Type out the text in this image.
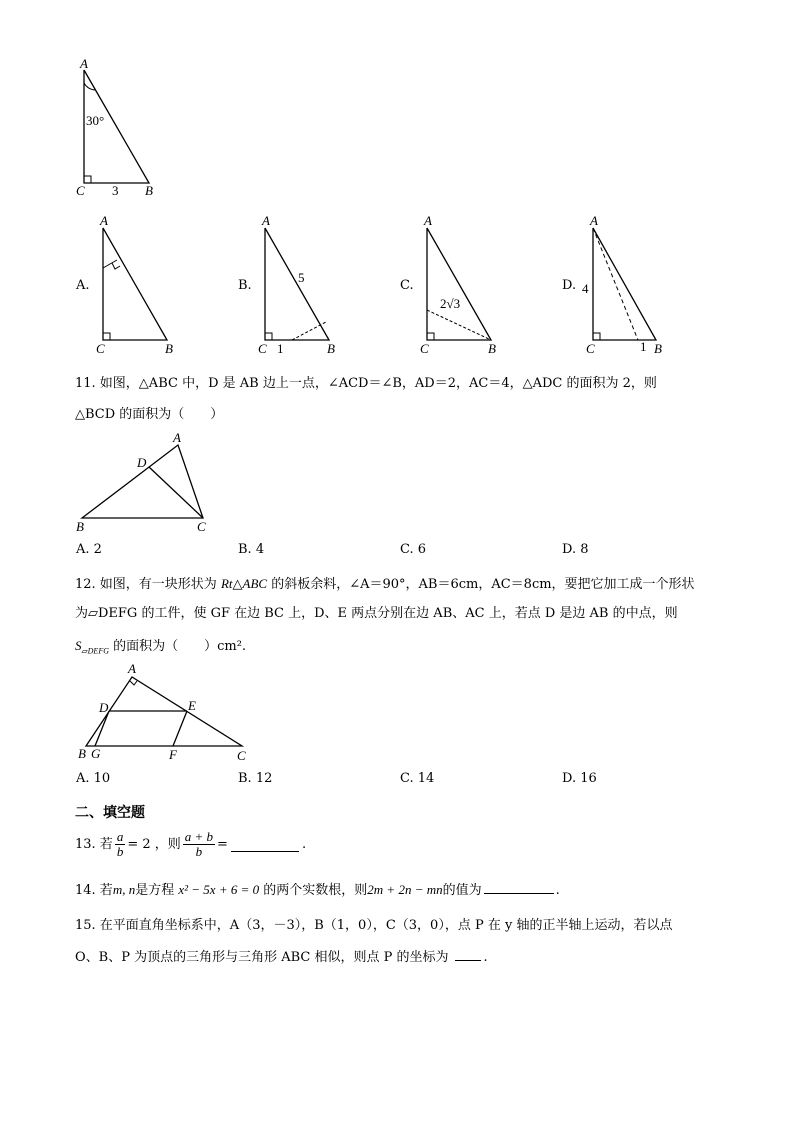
A
30°
C 3 B
A.
A
C	B
B.
A
5
C 1	B
C.
A
2√3
C	B
D.
A
4
C	1 B
11. 如图，△ABC 中，D 是 AB 边上一点，∠ACD＝∠B，AD＝2，AC＝4，△ADC 的面积为 2，则
△BCD 的面积为（　　）
A
D
B	C
A. 2	B. 4	C. 6	D. 8
12. 如图，有一块形状为 Rt△ABC 的斜板余料，∠A＝90°，AB＝6cm，AC＝8cm，要把它加工成一个形状
为▱DEFG 的工件，使 GF 在边 BC 上，D、E 两点分别在边 AB、AC 上，若点 D 是边 AB 的中点，则
$S_{▱DEFG}$ 的面积为（　　）cm².
A
D	E
B G	F	C
A. 10	B. 12	C. 14	D. 16
二、填空题
13. 若 $\frac{a}{b} = 2$ ，则 $\frac{a + b}{b}$ =	.
14. 若m, n是方程 x² − 5x + 6 = 0 的两个实数根，则2m + 2n − mn的值为	.
15. 在平面直角坐标系中，A（3，－3），B（1，0），C（3，0），点 P 在 y 轴的正半轴上运动，若以点
O、B、P 为顶点的三角形与三角形 ABC 相似，则点 P 的坐标为	.
